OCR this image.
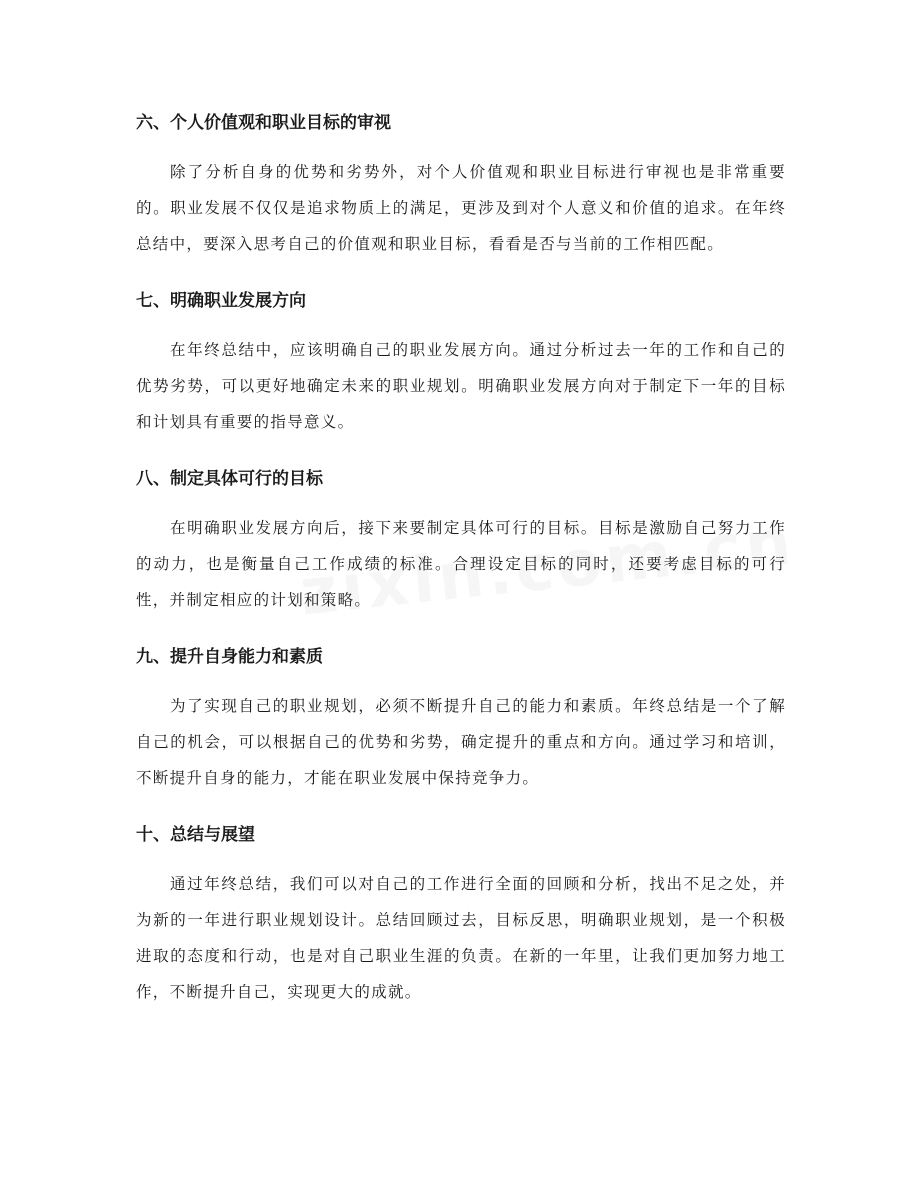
六、个人价值观和职业目标的审视

除了分析自身的优势和劣势外，对个人价值观和职业目标进行审视也是非常重要的。职业发展不仅仅是追求物质上的满足，更涉及到对个人意义和价值的追求。在年终总结中，要深入思考自己的价值观和职业目标，看看是否与当前的工作相匹配。

七、明确职业发展方向

在年终总结中，应该明确自己的职业发展方向。通过分析过去一年的工作和自己的优势劣势，可以更好地确定未来的职业规划。明确职业发展方向对于制定下一年的目标和计划具有重要的指导意义。

八、制定具体可行的目标

在明确职业发展方向后，接下来要制定具体可行的目标。目标是激励自己努力工作的动力，也是衡量自己工作成绩的标准。合理设定目标的同时，还要考虑目标的可行性，并制定相应的计划和策略。

九、提升自身能力和素质

为了实现自己的职业规划，必须不断提升自己的能力和素质。年终总结是一个了解自己的机会，可以根据自己的优势和劣势，确定提升的重点和方向。通过学习和培训，不断提升自身的能力，才能在职业发展中保持竞争力。

十、总结与展望

通过年终总结，我们可以对自己的工作进行全面的回顾和分析，找出不足之处，并为新的一年进行职业规划设计。总结回顾过去，目标反思，明确职业规划，是一个积极进取的态度和行动，也是对自己职业生涯的负责。在新的一年里，让我们更加努力地工作，不断提升自己，实现更大的成就。
